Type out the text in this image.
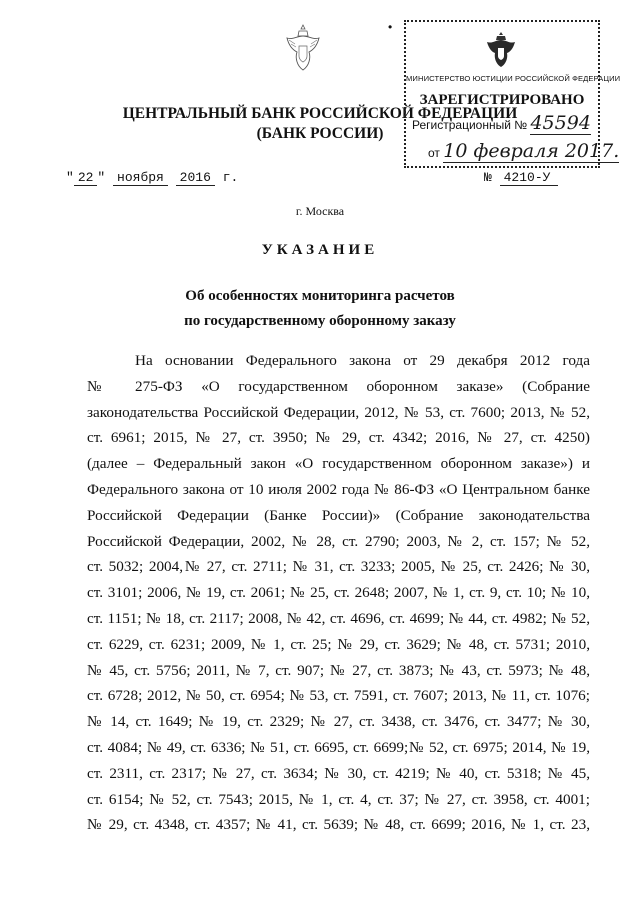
•
ЦЕНТРАЛЬНЫЙ БАНК РОССИЙСКОЙ ФЕДЕРАЦИИ
(БАНК РОССИИ)
МИНИСТЕРСТВО ЮСТИЦИИ РОССИЙСКОЙ ФЕДЕРАЦИИ
ЗАРЕГИСТРИРОВАНО
Регистрационный № 45594
от 10 февраля 2017.
" 22 " ноября 2016 г.	№ 4210-У
г. Москва
УКАЗАНИЕ
Об особенностях мониторинга расчетов
по государственному оборонному заказу
На основании Федерального закона от 29 декабря 2012 года
№ 275-ФЗ «О государственном оборонном заказе» (Собрание
законодательства Российской Федерации, 2012, № 53, ст. 7600; 2013, № 52,
ст. 6961; 2015, № 27, ст. 3950; № 29, ст. 4342; 2016, № 27, ст. 4250)
(далее – Федеральный закон «О государственном оборонном заказе») и
Федерального закона от 10 июля 2002 года № 86-ФЗ «О Центральном банке
Российской Федерации (Банке России)» (Собрание законодательства
Российской Федерации, 2002, № 28, ст. 2790; 2003, № 2, ст. 157; № 52,
ст. 5032; 2004,№ 27, ст. 2711; № 31, ст. 3233; 2005, № 25, ст. 2426; № 30,
ст. 3101; 2006, № 19, ст. 2061; № 25, ст. 2648; 2007, № 1, ст. 9, ст. 10; № 10,
ст. 1151; № 18, ст. 2117; 2008, № 42, ст. 4696, ст. 4699; № 44, ст. 4982; № 52,
ст. 6229, ст. 6231; 2009, № 1, ст. 25; № 29, ст. 3629; № 48, ст. 5731; 2010,
№ 45, ст. 5756; 2011, № 7, ст. 907; № 27, ст. 3873; № 43, ст. 5973; № 48,
ст. 6728; 2012, № 50, ст. 6954; № 53, ст. 7591, ст. 7607; 2013, № 11, ст. 1076;
№ 14, ст. 1649; № 19, ст. 2329; № 27, ст. 3438, ст. 3476, ст. 3477; № 30,
ст. 4084; № 49, ст. 6336; № 51, ст. 6695, ст. 6699;№ 52, ст. 6975; 2014, № 19,
ст. 2311, ст. 2317; № 27, ст. 3634; № 30, ст. 4219; № 40, ст. 5318; № 45,
ст. 6154; № 52, ст. 7543; 2015, № 1, ст. 4, ст. 37; № 27, ст. 3958, ст. 4001;
№ 29, ст. 4348, ст. 4357; № 41, ст. 5639; № 48, ст. 6699; 2016, № 1, ст. 23,
